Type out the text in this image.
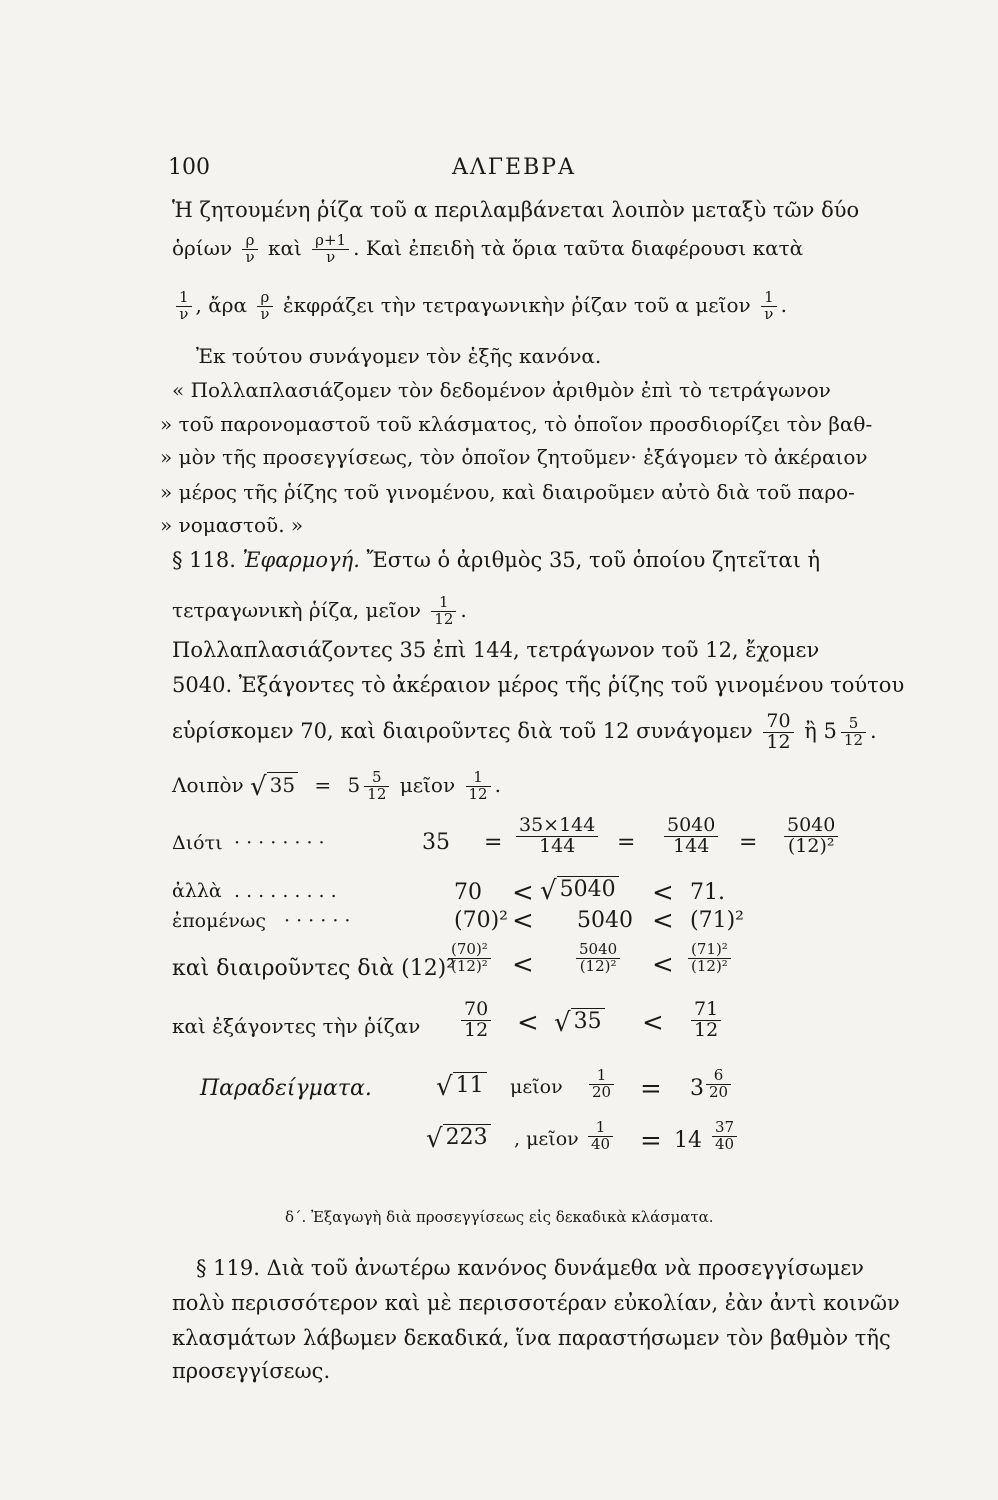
100	ΑΛΓΕΒΡΑ
Ἡ ζητουμένη ῥίζα τοῦ α περιλαμβάνεται λοιπὸν μεταξὺ τῶν δύο
ὁρίων $\frac{\rho}{\nu}$ καὶ $\frac{\rho+1}{\nu}$ . Καὶ ἐπειδὴ τὰ ὅρια ταῦτα διαφέρουσι κατὰ
$\frac{1}{\nu}$ , ἄρα $\frac{\rho}{\nu}$ ἐκφράζει τὴν τετραγωνικὴν ῥίζαν τοῦ α μεῖον $\frac{1}{\nu}$ .
Ἐκ τούτου συνάγομεν τὸν ἑξῆς κανόνα.
« Πολλαπλασιάζομεν τὸν δεδομένον ἀριθμὸν ἐπὶ τὸ τετράγωνον
» τοῦ παρονομαστοῦ τοῦ κλάσματος, τὸ ὁποῖον προσδιορίζει τὸν βαθ-
» μὸν τῆς προσεγγίσεως, τὸν ὁποῖον ζητοῦμεν· ἐξάγομεν τὸ ἀκέραιον
» μέρος τῆς ῥίζης τοῦ γινομένου, καὶ διαιροῦμεν αὐτὸ διὰ τοῦ παρο-
» νομαστοῦ. »
§ 118. Ἐφαρμογή. Ἔστω ὁ ἀριθμὸς 35, τοῦ ὁποίου ζητεῖται ἡ
τετραγωνικὴ ῥίζα, μεῖον $\frac{1}{12}$ .
Πολλαπλασιάζοντες 35 ἐπὶ 144, τετράγωνον τοῦ 12, ἔχομεν
5040. Ἐξάγοντες τὸ ἀκέραιον μέρος τῆς ῥίζης τοῦ γινομένου τούτου
εὑρίσκομεν 70, καὶ διαιροῦντες διὰ τοῦ 12 συνάγομεν $\frac{70}{12}$ ἢ $5 \frac{5}{12}$ .
Λοιπὸν √ $35 = 5 \frac{5}{12}$ μεῖον $\frac{1}{12}$ .
Διότι · · · · · · · ·	$35 = \frac{35\times 144}{144} = \frac{5040}{144} = \frac{5040}{\text{(12)²}}$
ἀλλὰ . . . . . . . . .	70 < √ 5040 < 71.
ἐπομένως · · · · · ·	(70)² < 5040 < (71)²
καὶ διαιροῦντες διὰ (12)²
$\frac{\text{(70)²}}{\text{(12)²}}$ <	$\frac{5040}{\text{(12)²}} < \frac{\text{(71)²}}{\text{(12)²}}$
καὶ ἐξάγοντες τὴν ῥίζαν $\frac{70}{12}$ < √ $35 < \frac{71}{12}$
Παραδείγματα. √ 11 μεῖον $\frac{1}{20} = 3 \frac{6}{20}$
√ 223 , μεῖον $\frac{1}{40} = 14 \frac{37}{40}$
δ΄. Ἐξαγωγὴ διὰ προσεγγίσεως εἰς δεκαδικὰ κλάσματα.
§ 119. Διὰ τοῦ ἀνωτέρω κανόνος δυνάμεθα νὰ προσεγγίσωμεν
πολὺ περισσότερον καὶ μὲ περισσοτέραν εὐκολίαν, ἐὰν ἀντὶ κοινῶν
κλασμάτων λάβωμεν δεκαδικά, ἵνα παραστήσωμεν τὸν βαθμὸν τῆς
προσεγγίσεως.
